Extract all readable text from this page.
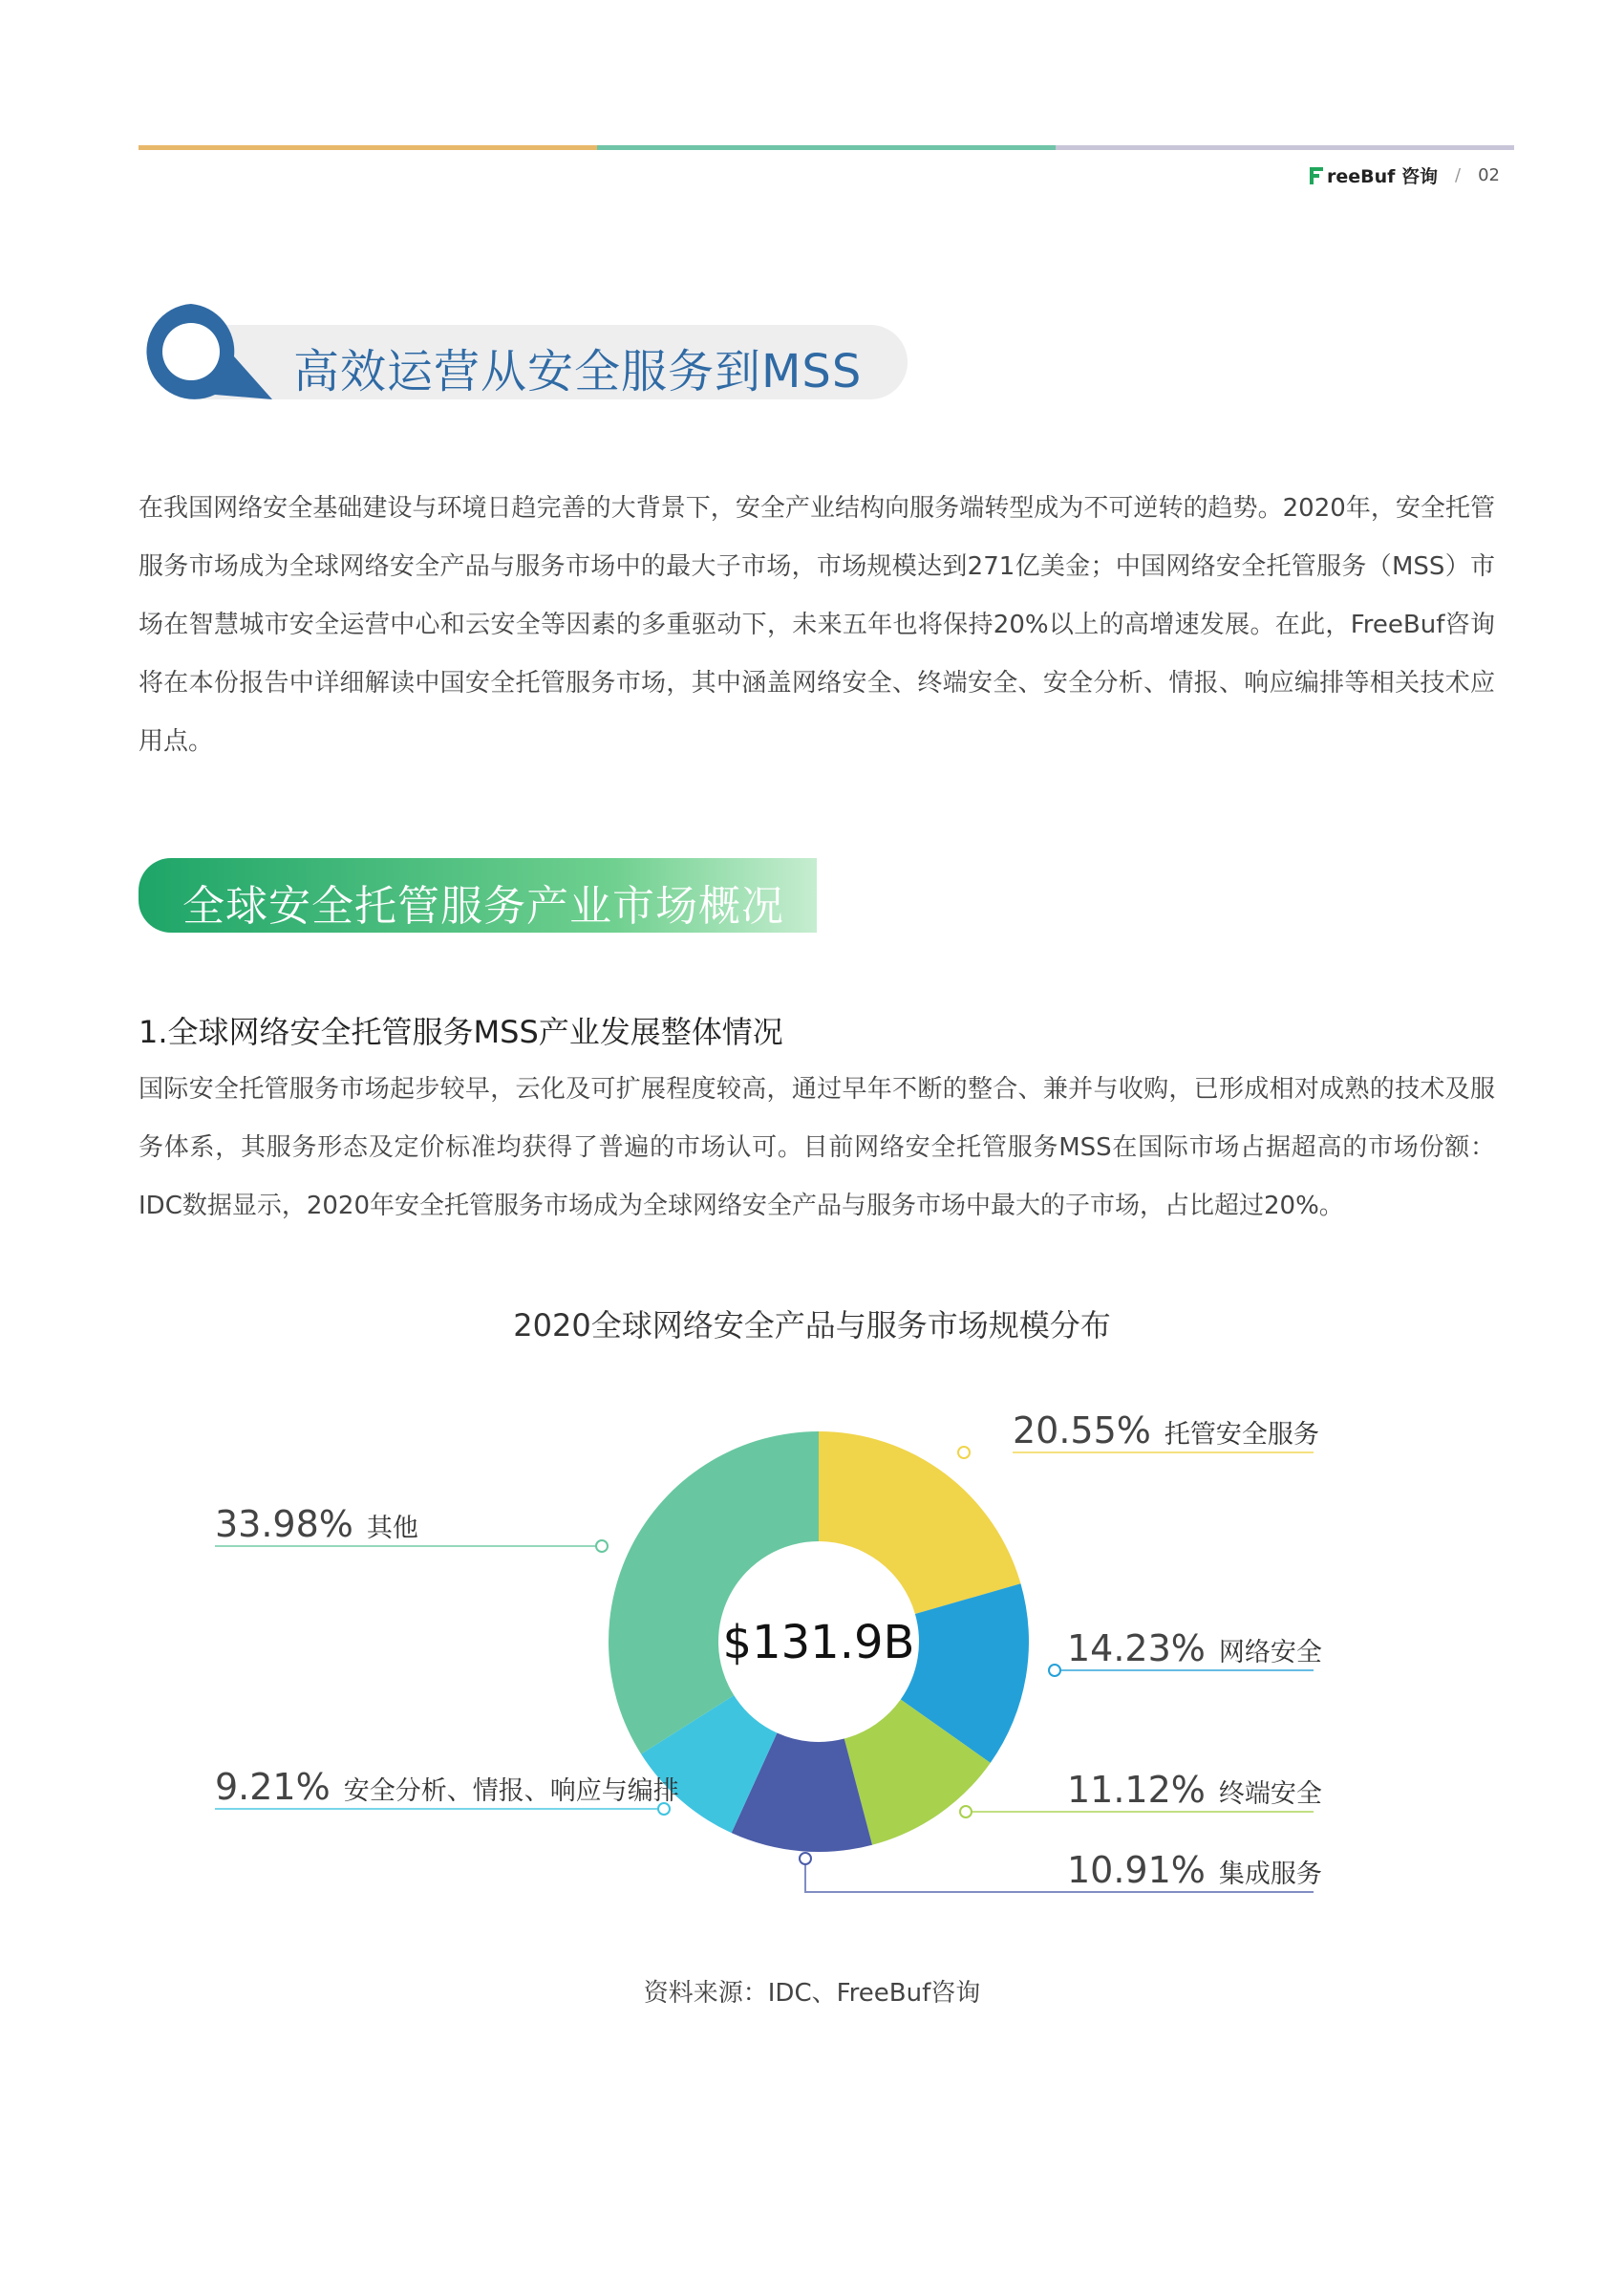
reeBuf 咨询 / 02
高效运营从安全服务到MSS
在我国网络安全基础建设与环境日趋完善的大背景下，安全产业结构向服务端转型成为不可逆转的趋势。2020年，安全托管服务市场成为全球网络安全产品与服务市场中的最大子市场，市场规模达到271亿美金；中国网络安全托管服务（MSS）市场在智慧城市安全运营中心和云安全等因素的多重驱动下，未来五年也将保持20%以上的高增速发展。在此，FreeBuf咨询将在本份报告中详细解读中国安全托管服务市场，其中涵盖网络安全、终端安全、安全分析、情报、响应编排等相关技术应用点。
全球安全托管服务产业市场概况
1.全球网络安全托管服务MSS产业发展整体情况
国际安全托管服务市场起步较早，云化及可扩展程度较高，通过早年不断的整合、兼并与收购，已形成相对成熟的技术及服务体系，其服务形态及定价标准均获得了普遍的市场认可。目前网络安全托管服务MSS在国际市场占据超高的市场份额：IDC数据显示，2020年安全托管服务市场成为全球网络安全产品与服务市场中最大的子市场，占比超过20%。
2020全球网络安全产品与服务市场规模分布
$131.9B
20.55% 托管安全服务
14.23% 网络安全
11.12% 终端安全
10.91% 集成服务
9.21% 安全分析、情报、响应与编排
33.98% 其他
资料来源：IDC、FreeBuf咨询
